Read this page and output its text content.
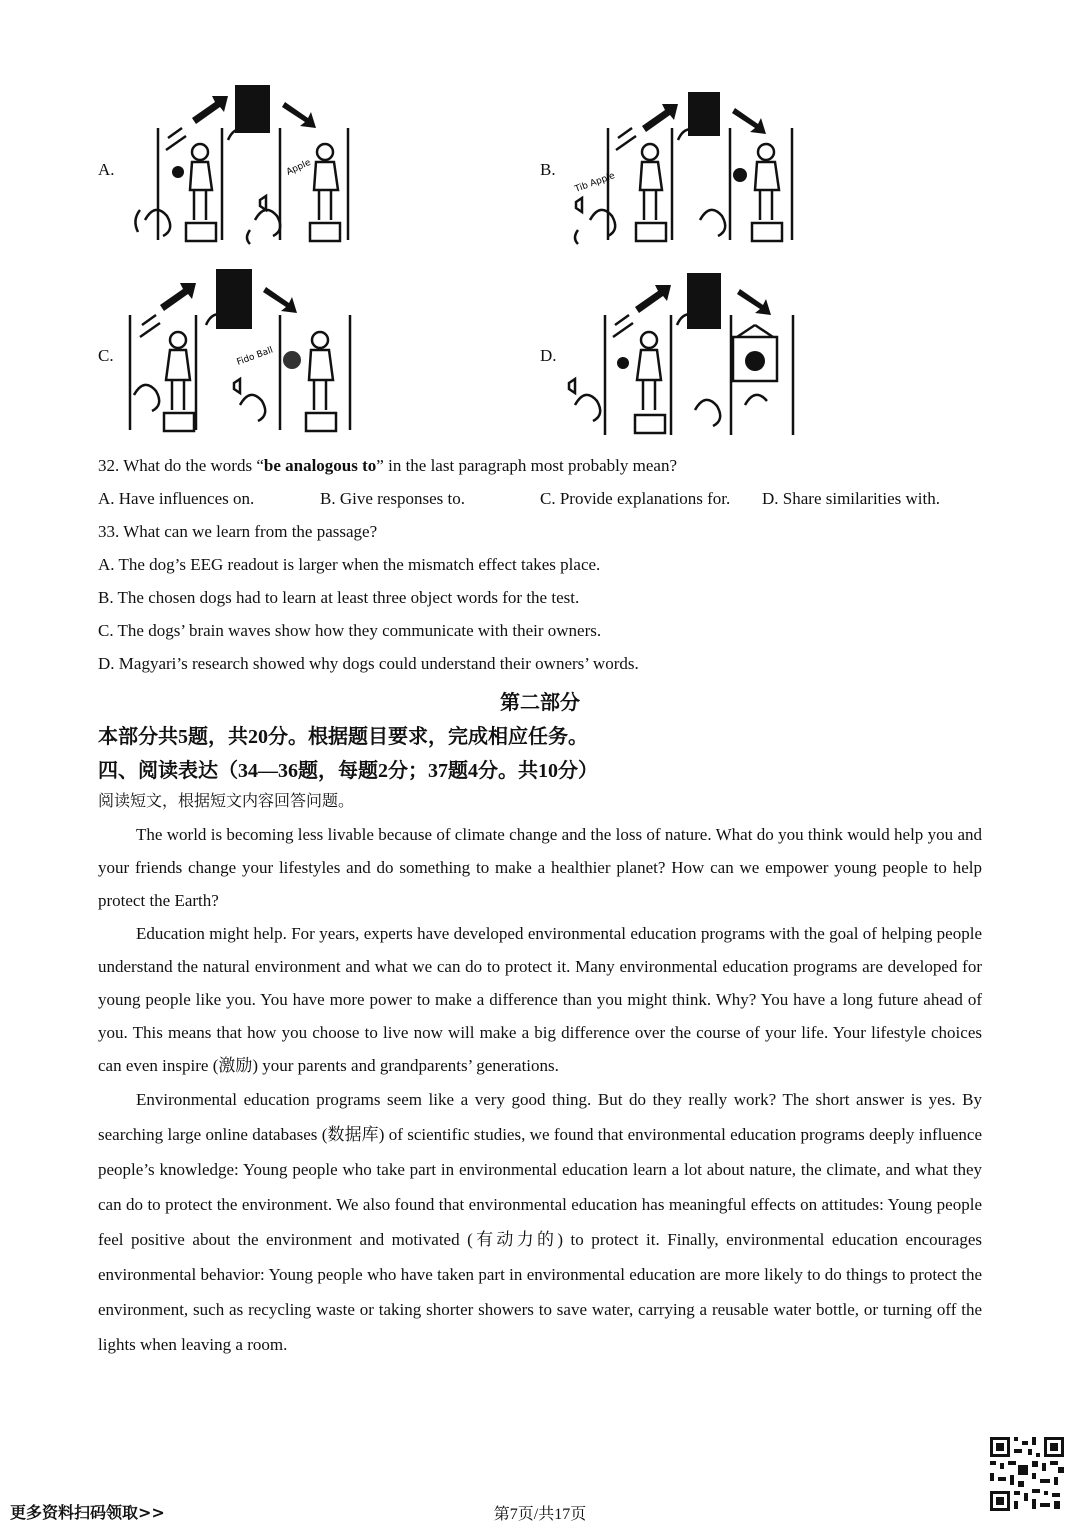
A.	B.
C.	D.
Apple
Tib Apple
Fido Ball
32. What do the words “be analogous to” in the last paragraph most probably mean?
A. Have influences on.	B. Give responses to.	C. Provide explanations for. D. Share similarities with.
33. What can we learn from the passage?
A. The dog’s EEG readout is larger when the mismatch effect takes place.
B. The chosen dogs had to learn at least three object words for the test.
C. The dogs’ brain waves show how they communicate with their owners.
D. Magyari’s research showed why dogs could understand their owners’ words.
第二部分
本部分共5题，共20分。根据题目要求，完成相应任务。
四、阅读表达（34—36题，每题2分；37题4分。共10分）
阅读短文，根据短文内容回答问题。

The world is becoming less livable because of climate change and the loss of nature. What do you think would help you and your friends change your lifestyles and do something to make a healthier planet? How can we empower young people to help protect the Earth?

Education might help. For years, experts have developed environmental education programs with the goal of helping people understand the natural environment and what we can do to protect it. Many environmental education programs are developed for young people like you. You have more power to make a difference than you might think. Why? You have a long future ahead of you. This means that how you choose to live now will make a big difference over the course of your life. Your lifestyle choices can even inspire (激励) your parents and grandparents’ generations.

Environmental education programs seem like a very good thing. But do they really work? The short answer is yes. By searching large online databases (数据库) of scientific studies, we found that environmental education programs deeply influence people’s knowledge: Young people who take part in environmental education learn a lot about nature, the climate, and what they can do to protect the environment. We also found that environmental education has meaningful effects on attitudes: Young people feel positive about the environment and motivated (有动力的) to protect it. Finally, environmental education encourages environmental behavior: Young people who have taken part in environmental education are more likely to do things to protect the environment, such as recycling waste or taking shorter showers to save water, carrying a reusable water bottle, or turning off the lights when leaving a room.

更多资料扫码领取>>	第7页/共17页
